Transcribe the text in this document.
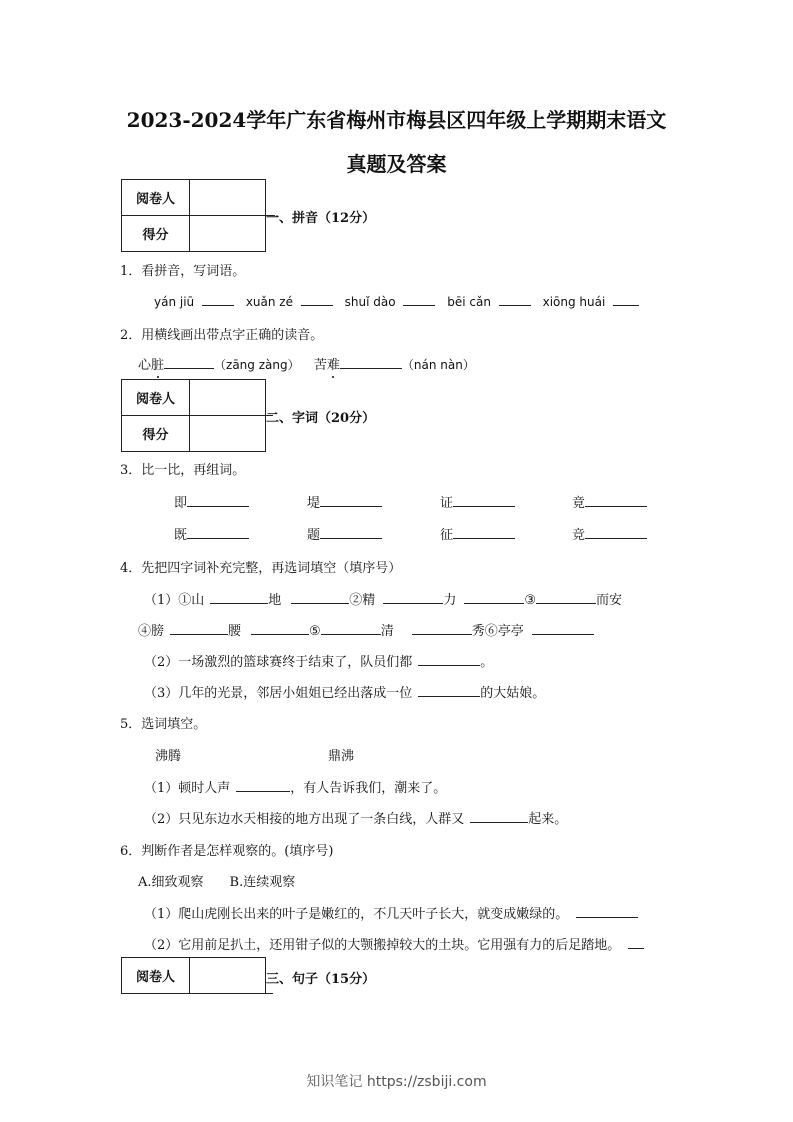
2023-2024学年广东省梅州市梅县区四年级上学期期末语文
真题及答案
阅卷人	
得分	
一、拼音（12分）
1．看拼音，写词语。
yán jiū	xuǎn zé	shuǐ dào	bēi cǎn	xiōng huái
2．用横线画出带点字正确的读音。
心脏	（zāng zàng） 苦难	（nán nàn）
阅卷人	
得分	
二、字词（20分）
3．比一比，再组词。
即	堤	证	竟
既	题	征	竞
4．先把四字词补充完整，再选词填空（填序号）
（1）①山	地	②精	力	③	而安
④膀	腰	⑤	清	秀⑥亭亭
（2）一场激烈的篮球赛终于结束了，队员们都	。
（3）几年的光景，邻居小姐姐已经出落成一位	的大姑娘。
5．选词填空。
沸腾	鼎沸
（1）顿时人声	，有人告诉我们，潮来了。
（2）只见东边水天相接的地方出现了一条白线，人群又	起来。
6．判断作者是怎样观察的。(填序号)
A.细致观察　　B.连续观察
（1）爬山虎刚长出来的叶子是嫩红的，不几天叶子长大，就变成嫩绿的。
（2）它用前足扒土，还用钳子似的大颚搬掉较大的土块。它用强有力的后足踏地。
阅卷人		三、句子（15分）
知识笔记 https://zsbiji.com
